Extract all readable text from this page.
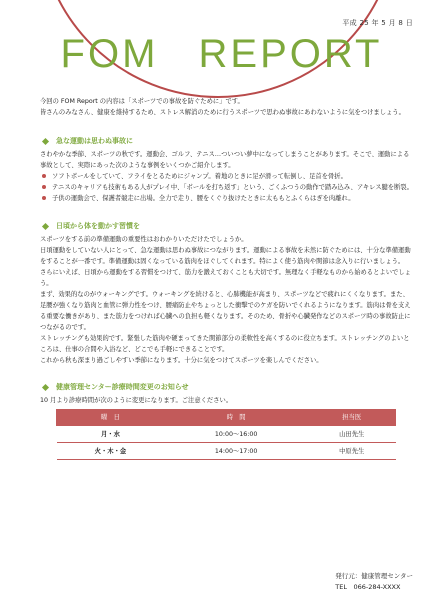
平成 25 年 5 月 8 日
FOM REPORT

今回の FOM Report の内容は「スポーツでの事故を防ぐために」です。

皆さんのみなさん、健康を維持するため、ストレス解消のために行うスポーツで思わぬ事故にあわないように気をつけましょう。

急な運動は思わぬ事故に

さわやかな季節、スポーツの秋です。運動会、ゴルフ、テニス…ついつい夢中になってしまうことがあります。そこで、運動による事故として、実際にあった次のような事例をいくつかご紹介します。

ソフトボールをしていて、フライをとるためにジャンプ。着地のときに足が滑って転倒し、足首を骨折。
テニスのキャリアも技術もある人がプレイ中、「ボールを打ち返す」という、ごくふつうの動作で踏み込み、アキレス腱を断裂。
子供の運動会で、保護者競走に出場。全力で走り、腰をくぐり抜けたときに太ももとふくらはぎを肉離れ。
日頃から体を動かす習慣を

スポーツをする前の準備運動の重要性はおわかりいただけたでしょうか。

日頃運動をしていない人にとって、急な運動は思わぬ事故につながります。運動による事故を未然に防ぐためには、十分な準備運動をすることが一番です。準備運動は固くなっている筋肉をほぐしてくれます。特によく使う筋肉や関節は念入りに行いましょう。

さらにいえば、日頃から運動をする習慣をつけて、筋力を鍛えておくことも大切です。無理なく手軽なものから始めるとよいでしょう。

まず、効果的なのがウォーキングです。ウォーキングを続けると、心肺機能が高まり、スポーツなどで疲れにくくなります。また、足腰が強くなり筋肉と血管に弾力性をつけ、腰痛防止やちょっとした衝撃でのケガを防いでくれるようになります。筋肉は骨を支える重要な働きがあり、また筋力をつければ心臓への負担も軽くなります。そのため、骨折や心臓発作などのスポーツ時の事故防止につながるのです。

ストレッチングも効果的です。緊張した筋肉や硬まってきた関節部分の柔軟性を高くするのに役立ちます。ストレッチングのよいところは、仕事の合間や入浴など、どこでも手軽にできることです。

これから秋も深まり過ごしやすい季節になります。十分に気をつけてスポーツを楽しんでください。

健康管理センター診療時間変更のお知らせ

10 月より診療時間が次のように変更になります。ご注意ください。

曜　日	時　間	担当医
月・水	10:00～16:00	山田先生
火・木・金	14:00～17:00	中原先生
発行元：健康管理センター
TEL　066-284-XXXX
